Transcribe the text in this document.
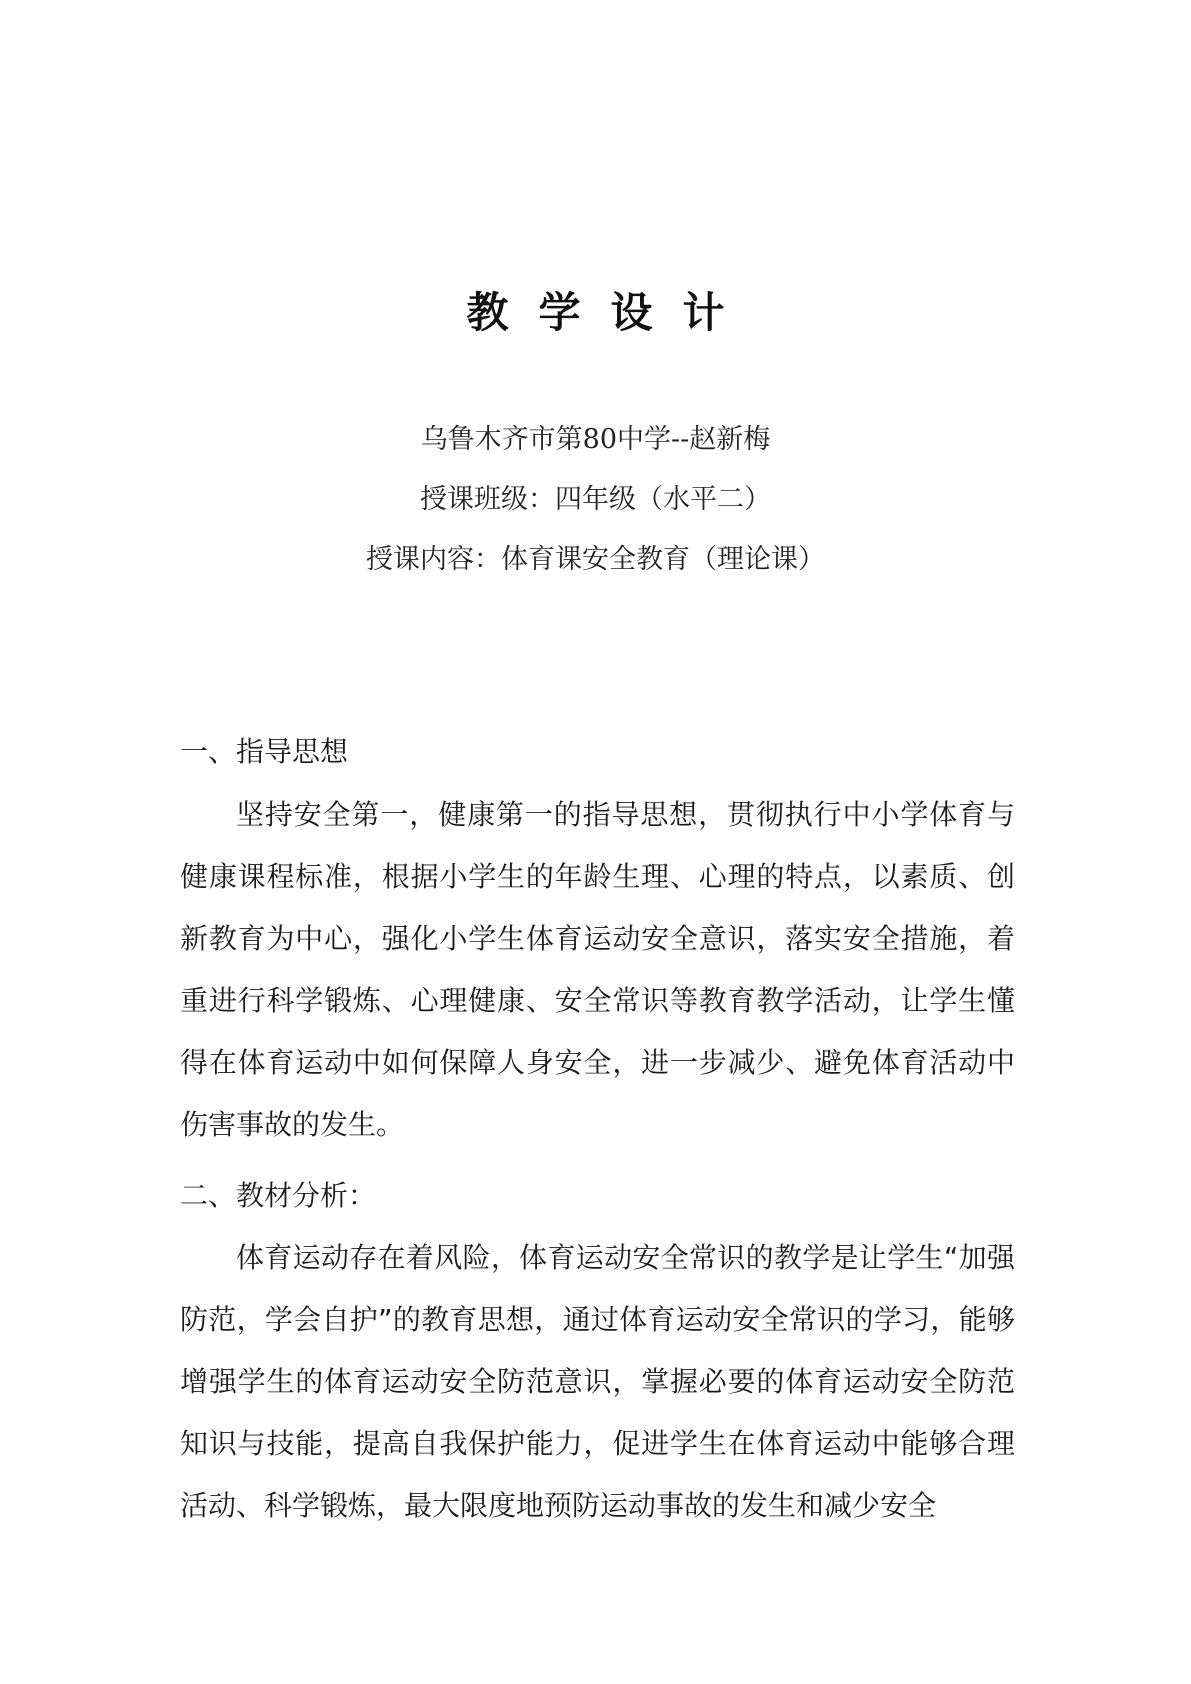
教学设计
乌鲁木齐市第80中学--赵新梅
授课班级：四年级（水平二）
授课内容：体育课安全教育（理论课）
一、指导思想

坚持安全第一，健康第一的指导思想，贯彻执行中小学体育与健康课程标准，根据小学生的年龄生理、心理的特点，以素质、创新教育为中心，强化小学生体育运动安全意识，落实安全措施，着重进行科学锻炼、心理健康、安全常识等教育教学活动，让学生懂得在体育运动中如何保障人身安全，进一步减少、避免体育活动中伤害事故的发生。

二、教材分析：

体育运动存在着风险，体育运动安全常识的教学是让学生“加强防范，学会自护”的教育思想，通过体育运动安全常识的学习，能够增强学生的体育运动安全防范意识，掌握必要的体育运动安全防范知识与技能，提高自我保护能力，促进学生在体育运动中能够合理活动、科学锻炼，最大限度地预防运动事故的发生和减少安全
